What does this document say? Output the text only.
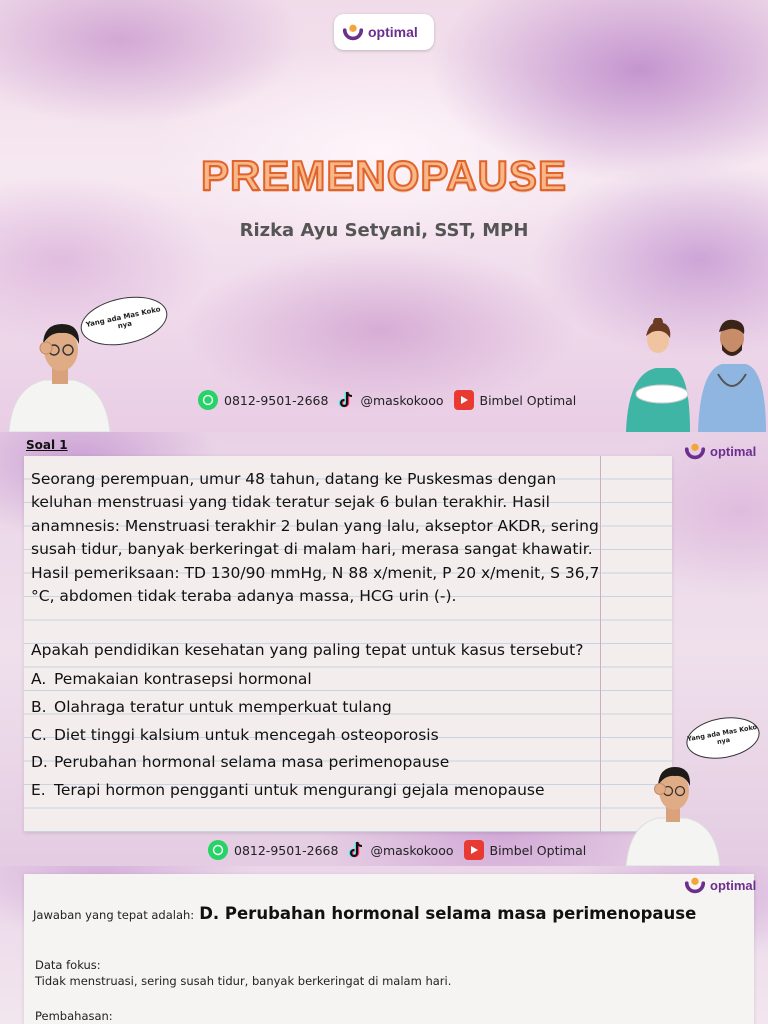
optimal
PREMENOPAUSE
Rizka Ayu Setyani, SST, MPH
Yang ada Mas Koko nya
0812-9501-2668	@maskokooo	Bimbel Optimal
Soal 1	optimal

Seorang perempuan, umur 48 tahun, datang ke Puskesmas dengan keluhan menstruasi yang tidak teratur sejak 6 bulan terakhir. Hasil anamnesis: Menstruasi terakhir 2 bulan yang lalu, akseptor AKDR, sering susah tidur, banyak berkeringat di malam hari, merasa sangat khawatir. Hasil pemeriksaan: TD 130/90 mmHg, N 88 x/menit, P 20 x/menit, S 36,7 °C, abdomen tidak teraba adanya massa, HCG urin (-).

Apakah pendidikan kesehatan yang paling tepat untuk kasus tersebut?

A. Pemakaian kontrasepsi hormonal
B. Olahraga teratur untuk memperkuat tulang
C. Diet tinggi kalsium untuk mencegah osteoporosis
D. Perubahan hormonal selama masa perimenopause
E. Terapi hormon pengganti untuk mengurangi gejala menopause
Yang ada Mas Koko nya
0812-9501-2668	@maskokooo	Bimbel Optimal
optimal
Jawaban yang tepat adalah: D. Perubahan hormonal selama masa perimenopause
Data fokus:
Tidak menstruasi, sering susah tidur, banyak berkeringat di malam hari.
Pembahasan:
